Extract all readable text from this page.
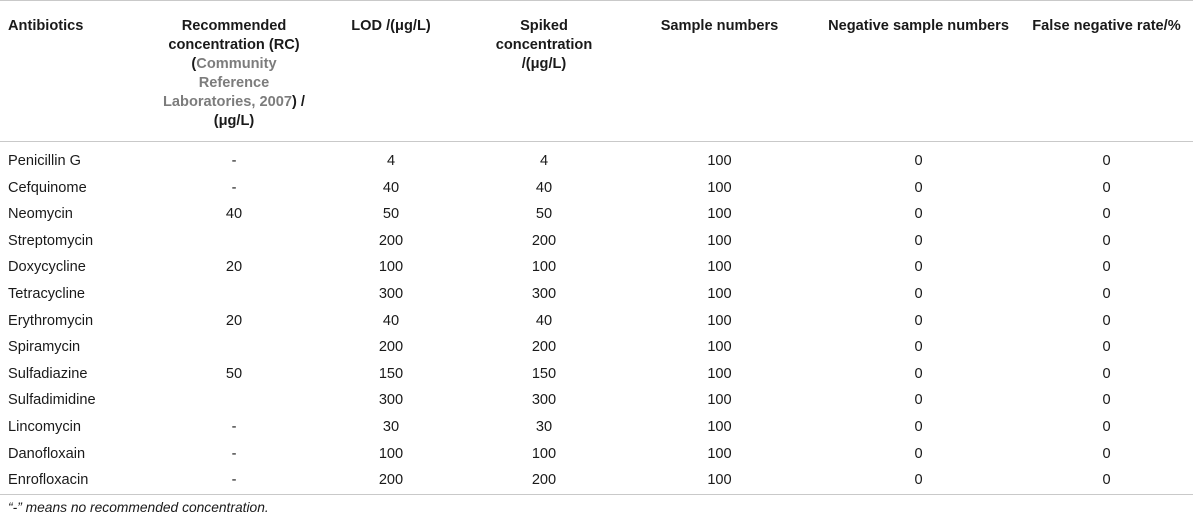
Antibiotics	Recommended concentration (RC) (Community Reference Laboratories, 2007) / (μg/L)	LOD /(μg/L)	Spiked concentration /(μg/L)	Sample numbers	Negative sample numbers	False negative rate/%
Penicillin G	-	4	4	100	0	0
Cefquinome	-	40	40	100	0	0
Neomycin	40	50	50	100	0	0
Streptomycin		200	200	100	0	0
Doxycycline	20	100	100	100	0	0
Tetracycline		300	300	100	0	0
Erythromycin	20	40	40	100	0	0
Spiramycin		200	200	100	0	0
Sulfadiazine	50	150	150	100	0	0
Sulfadimidine		300	300	100	0	0
Lincomycin	-	30	30	100	0	0
Danofloxain	-	100	100	100	0	0
Enrofloxacin	-	200	200	100	0	0
“-” means no recommended concentration.
